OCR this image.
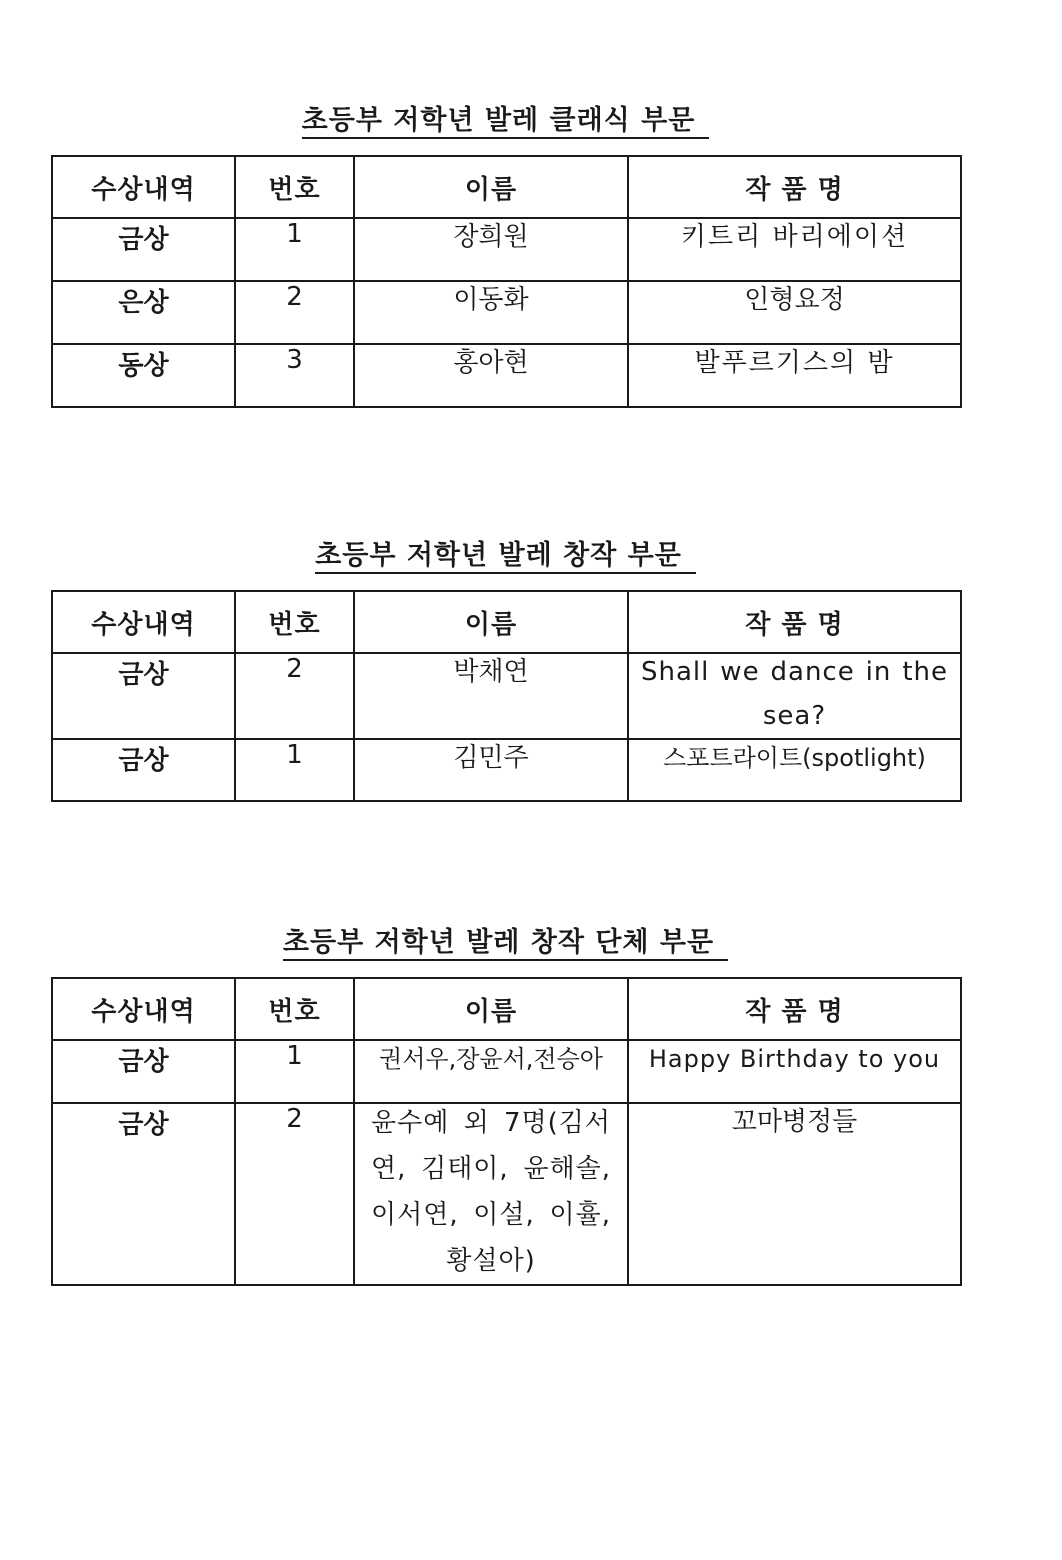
초등부 저학년 발레 클래식 부문
수상내역	번호	이름	작 품 명
금상	1	장희원	키트리 바리에이션

은상	2	이동화	인형요정

동상	3	홍아현	발푸르기스의 밤
초등부 저학년 발레 창작 부문
수상내역	번호	이름	작 품 명
금상	2	박채연	Shall we dance in the sea?

금상	1	김민주	스포트라이트(spotlight)
초등부 저학년 발레 창작 단체 부문
수상내역	번호	이름	작 품 명
금상	1	권서우,장윤서,전승아	Happy Birthday to you

금상	2	윤수예 외 7명(김서연, 김태이, 윤해솔, 이서연, 이설, 이휼, 황설아)	꼬마병정들
